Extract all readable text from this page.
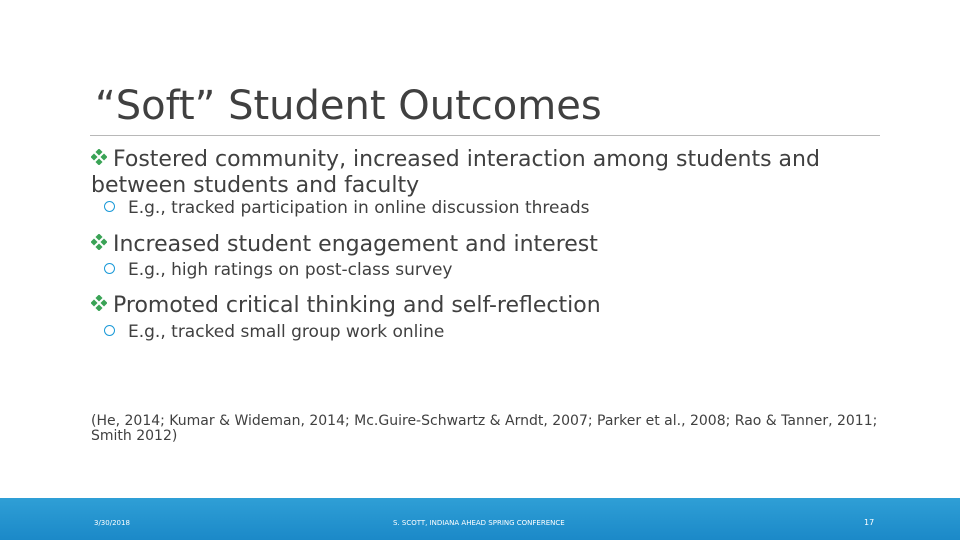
“Soft” Student Outcomes
Fostered community, increased interaction among students and between students and faculty
E.g., tracked participation in online discussion threads
Increased student engagement and interest
E.g., high ratings on post-class survey
Promoted critical thinking and self-reflection
E.g., tracked small group work online
(He, 2014; Kumar & Wideman, 2014; Mc.Guire-Schwartz & Arndt, 2007; Parker et al., 2008; Rao & Tanner, 2011; Smith 2012)
3/30/2018	S. SCOTT, INDIANA AHEAD SPRING CONFERENCE	17
